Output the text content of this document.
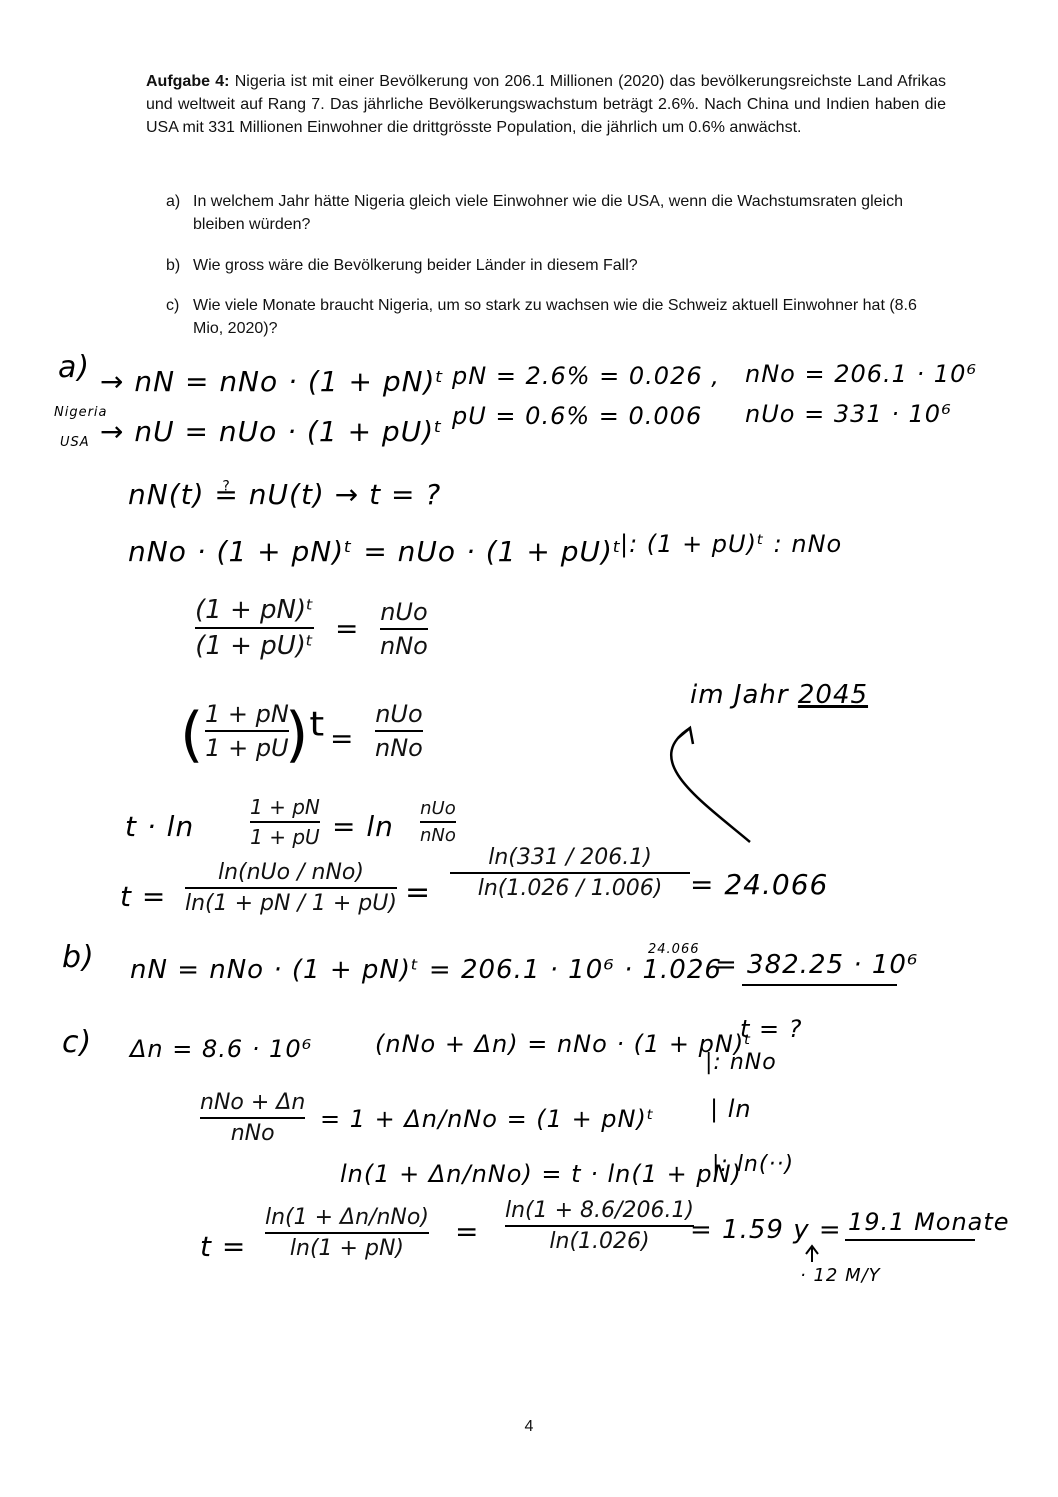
Aufgabe 4: Nigeria ist mit einer Bevölkerung von 206.1 Millionen (2020) das bevölkerungsreichste Land Afrikas und weltweit auf Rang 7. Das jährliche Bevölkerungswachstum beträgt 2.6%. Nach China und Indien haben die USA mit 331 Millionen Einwohner die drittgrösste Population, die jährlich um 0.6% anwächst.
a) In welchem Jahr hätte Nigeria gleich viele Einwohner wie die USA, wenn die Wachstumsraten gleich bleiben würden?
b) Wie gross wäre die Bevölkerung beider Länder in diesem Fall?
c) Wie viele Monate braucht Nigeria, um so stark zu wachsen wie die Schweiz aktuell Einwohner hat (8.6 Mio, 2020)?
a)
Nigeria
USA
→ nN = nNo · (1 + pN)ᵗ
→ nU = nUo · (1 + pU)ᵗ
pN = 2.6% = 0.026 , nNo = 206.1 · 10⁶
pU = 0.6% = 0.006 nUo = 331 · 10⁶
nN(t) ≟ nU(t) → t = ?
nNo · (1 + pN)ᵗ = nUo · (1 + pU)ᵗ
|: (1 + pU)ᵗ : nNo
(1 + pN)ᵗ
(1 + pU)ᵗ
= nUo
nNo
( 1 + pN
1 + pU
)ᵗ =
nUo
nNo
im Jahr 2045
t · ln
1 + pN
1 + pU = ln
nUo
nNo
t =
ln(nUo / nNo)
ln(1 + pN / 1 + pU) =
ln(331 / 206.1)
ln(1.026 / 1.006) = 24.066
b) nN = nNo · (1 + pN)ᵗ = 206.1 · 10⁶ · 1.026
24.066
= 382.25 · 10⁶
c) Δn = 8.6 · 10⁶	(nNo + Δn) = nNo · (1 + pN)ᵗ
t = ?
|: nNo
nNo + Δn
nNo
= 1 + Δn/nNo = (1 + pN)ᵗ | ln
ln(1 + Δn/nNo) = t · ln(1 + pN)
|: ln(··)
t =
ln(1 + Δn/nNo)
ln(1 + pN)
=
ln(1 + 8.6/206.1)
ln(1.026) = 1.59 y = 19.1 Monate
· 12 M/Y
4
